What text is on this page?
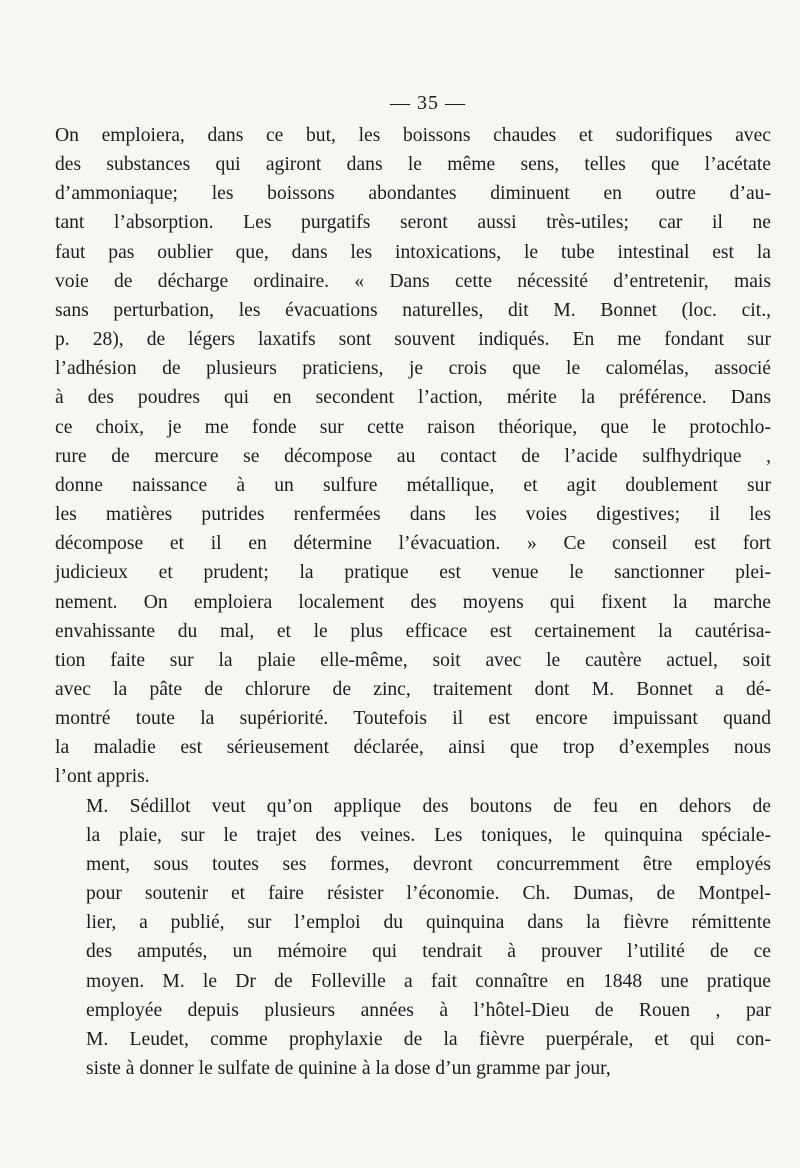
— 35 —

On emploiera, dans ce but, les boissons chaudes et sudorifiques avec
des substances qui agiront dans le même sens, telles que l’acétate
d’ammoniaque; les boissons abondantes diminuent en outre d’au-
tant l’absorption. Les purgatifs seront aussi très-utiles; car il ne
faut pas oublier que, dans les intoxications, le tube intestinal est la
voie de décharge ordinaire. « Dans cette nécessité d’entretenir, mais
sans perturbation, les évacuations naturelles, dit M. Bonnet (loc. cit.,
p. 28), de légers laxatifs sont souvent indiqués. En me fondant sur
l’adhésion de plusieurs praticiens, je crois que le calomélas, associé
à des poudres qui en secondent l’action, mérite la préférence. Dans
ce choix, je me fonde sur cette raison théorique, que le protochlo-
rure de mercure se décompose au contact de l’acide sulfhydrique ,
donne naissance à un sulfure métallique, et agit doublement sur
les matières putrides renfermées dans les voies digestives; il les
décompose et il en détermine l’évacuation. » Ce conseil est fort
judicieux et prudent; la pratique est venue le sanctionner plei-
nement. On emploiera localement des moyens qui fixent la marche
envahissante du mal, et le plus efficace est certainement la cautérisa-
tion faite sur la plaie elle-même, soit avec le cautère actuel, soit
avec la pâte de chlorure de zinc, traitement dont M. Bonnet a dé-
montré toute la supériorité. Toutefois il est encore impuissant quand
la maladie est sérieusement déclarée, ainsi que trop d’exemples nous
l’ont appris.

M. Sédillot veut qu’on applique des boutons de feu en dehors de
la plaie, sur le trajet des veines. Les toniques, le quinquina spéciale-
ment, sous toutes ses formes, devront concurremment être employés
pour soutenir et faire résister l’économie. Ch. Dumas, de Montpel-
lier, a publié, sur l’emploi du quinquina dans la fièvre rémittente
des amputés, un mémoire qui tendrait à prouver l’utilité de ce
moyen. M. le Dr de Folleville a fait connaître en 1848 une pratique
employée depuis plusieurs années à l’hôtel-Dieu de Rouen , par
M. Leudet, comme prophylaxie de la fièvre puerpérale, et qui con-
siste à donner le sulfate de quinine à la dose d’un gramme par jour,
